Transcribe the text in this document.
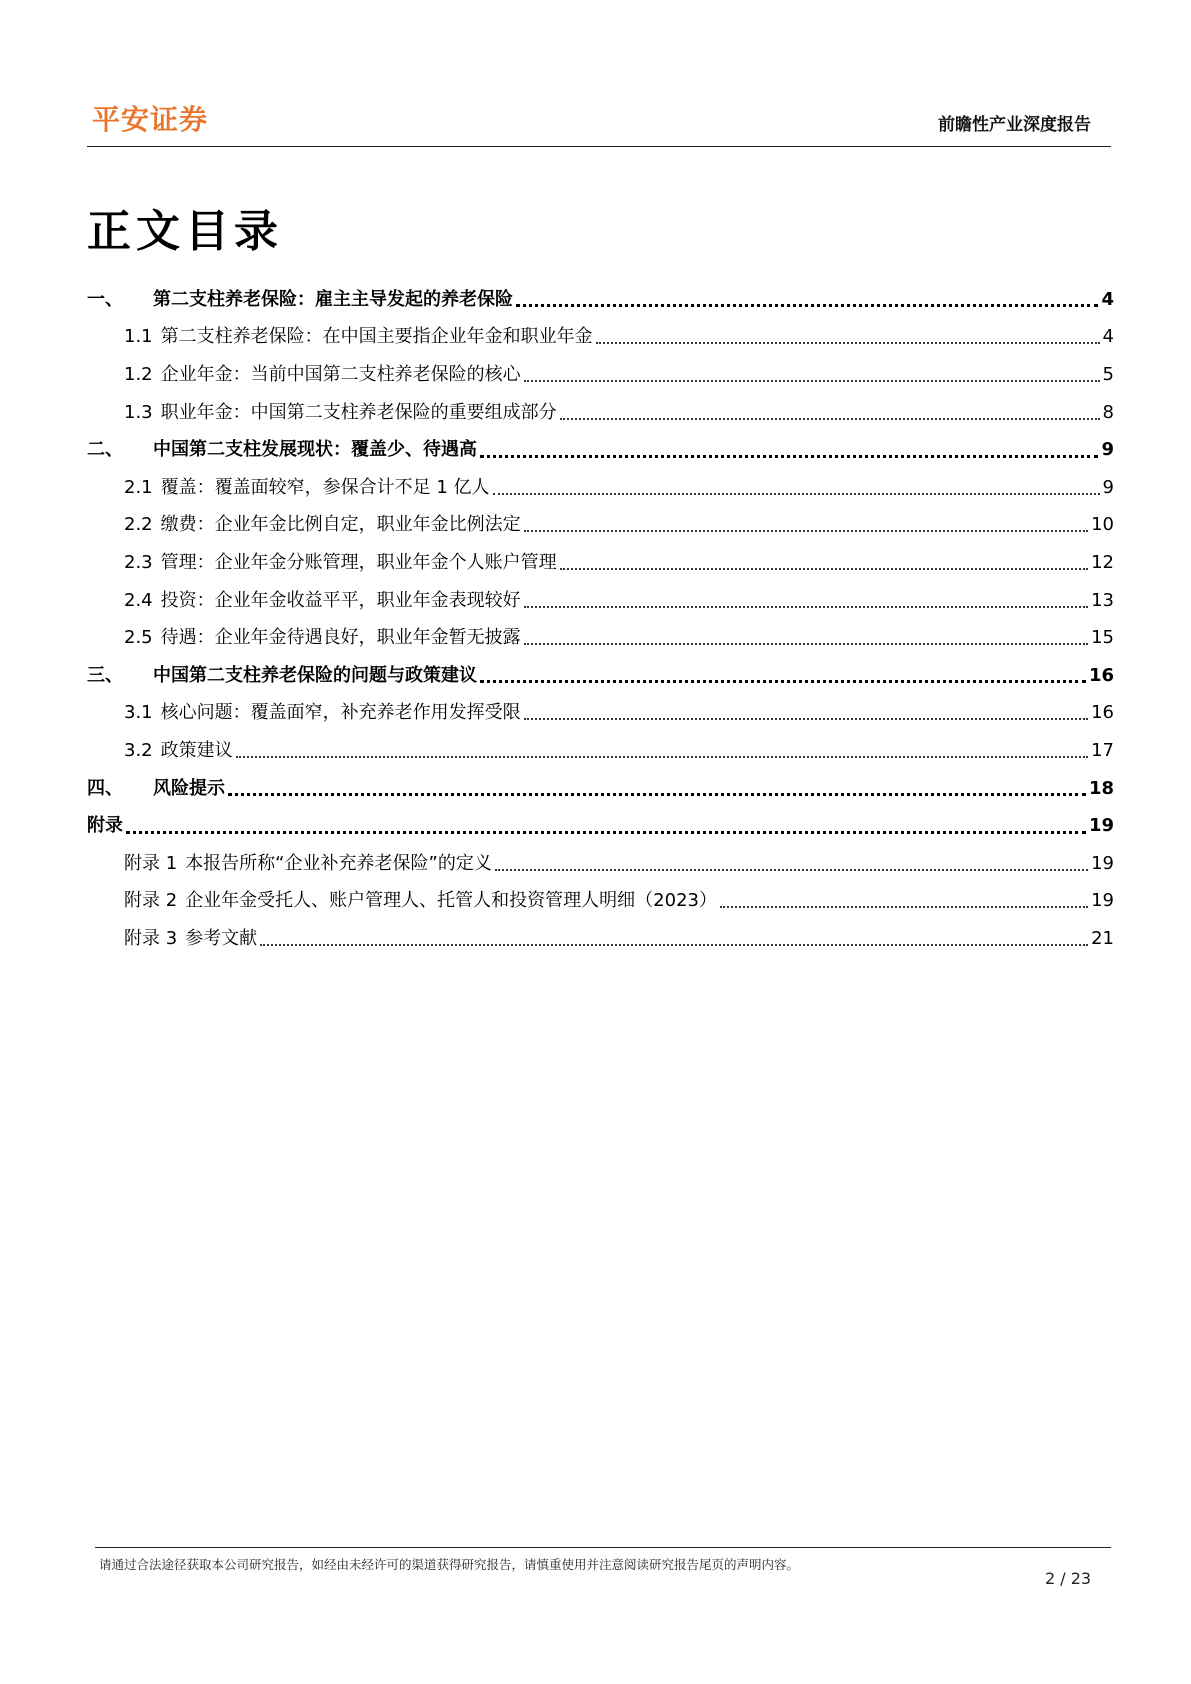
平安证券	前瞻性产业深度报告
正文目录
一、	第二支柱养老保险：雇主主导发起的养老保险	4
1.1 第二支柱养老保险：在中国主要指企业年金和职业年金	4
1.2 企业年金：当前中国第二支柱养老保险的核心	5
1.3 职业年金：中国第二支柱养老保险的重要组成部分	8
二、	中国第二支柱发展现状：覆盖少、待遇高	9
2.1 覆盖：覆盖面较窄，参保合计不足 1 亿人	9
2.2 缴费：企业年金比例自定，职业年金比例法定	10
2.3 管理：企业年金分账管理，职业年金个人账户管理	12
2.4 投资：企业年金收益平平，职业年金表现较好	13
2.5 待遇：企业年金待遇良好，职业年金暂无披露	15
三、	中国第二支柱养老保险的问题与政策建议	16
3.1 核心问题：覆盖面窄，补充养老作用发挥受限	16
3.2 政策建议	17
四、	风险提示	18
附录	19
附录 1 本报告所称“企业补充养老保险”的定义	19
附录 2 企业年金受托人、账户管理人、托管人和投资管理人明细（2023）	19
附录 3 参考文献	21
请通过合法途径获取本公司研究报告，如经由未经许可的渠道获得研究报告，请慎重使用并注意阅读研究报告尾页的声明内容。
2 / 23
